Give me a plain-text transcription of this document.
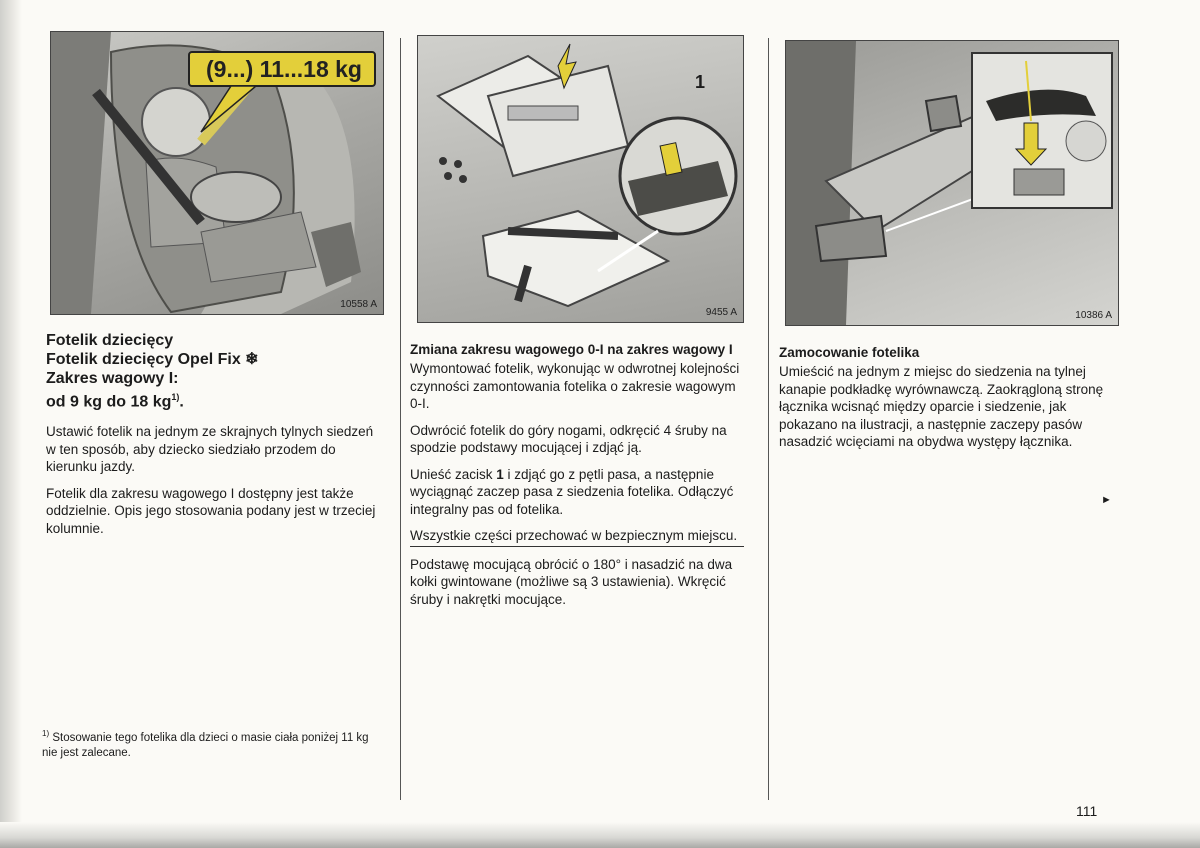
(9...) 11...18 kg
10558 A
Fotelik dziecięcy
Fotelik dziecięcy Opel Fix ❄
Zakres wagowy I:
od 9 kg do 18 $kg^{1)}$.

Ustawić fotelik na jednym ze skrajnych tylnych siedzeń w ten sposób, aby dziecko siedziało przodem do kierunku jazdy.

Fotelik dla zakresu wagowego I dostępny jest także oddzielnie. Opis jego stosowania podany jest w trzeciej kolumnie.

$^{1)}$ Stosowanie tego fotelika dla dzieci o masie ciała poniżej 11 kg nie jest zalecane.
1
9455 A
Zmiana zakresu wagowego 0-I na zakres wagowy I

Wymontować fotelik, wykonując w odwrotnej kolejności czynności zamontowania fotelika o zakresie wagowym 0-I.

Odwrócić fotelik do góry nogami, odkręcić 4 śruby na spodzie podstawy mocującej i zdjąć ją.

Unieść zacisk 1 i zdjąć go z pętli pasa, a następnie wyciągnąć zaczep pasa z siedzenia fotelika. Odłączyć integralny pas od fotelika.

Wszystkie części przechować w bezpiecznym miejscu.

Podstawę mocującą obrócić o 180° i nasadzić na dwa kołki gwintowane (możliwe są 3 ustawienia). Wkręcić śruby i nakrętki mocujące.

10386 A
Zamocowanie fotelika

Umieścić na jednym z miejsc do siedzenia na tylnej kanapie podkładkę wyrównawczą. Zaokrągloną stronę łącznika wcisnąć między oparcie i siedzenie, jak pokazano na ilustracji, a następnie zaczepy pasów nasadzić wcięciami na obydwa występy łącznika.

►
111
